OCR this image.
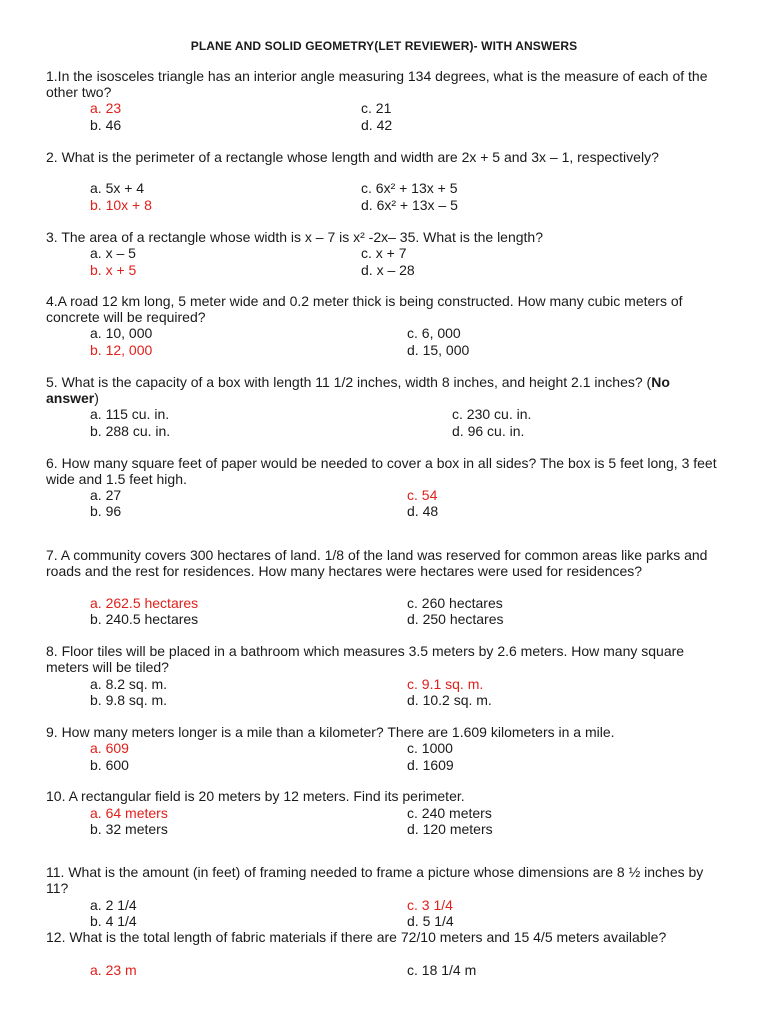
PLANE AND SOLID GEOMETRY(LET REVIEWER)- WITH ANSWERS
1.In the isosceles triangle has an interior angle measuring 134 degrees, what is the measure of each of the other two?
a. 23
b. 46
c. 21
d. 42
2. What is the perimeter of a rectangle whose length and width are 2x + 5 and 3x – 1, respectively?
a. 5x + 4
b. 10x + 8
c. 6x² + 13x + 5
d. 6x² + 13x – 5
3. The area of a rectangle whose width is x – 7 is x² -2x– 35. What is the length?
a. x – 5
b. x + 5
c. x + 7
d. x – 28
4.A road 12 km long, 5 meter wide and 0.2 meter thick is being constructed. How many cubic meters of concrete will be required?
a. 10, 000
b. 12, 000
c. 6, 000
d. 15, 000
5. What is the capacity of a box with length 11 1/2 inches, width 8 inches, and height 2.1 inches? (No answer)
a. 115 cu. in.
b. 288 cu. in.
c. 230 cu. in.
d. 96 cu. in.
6. How many square feet of paper would be needed to cover a box in all sides? The box is 5 feet long, 3 feet wide and 1.5 feet high.
a. 27
b. 96
c. 54
d. 48
7. A community covers 300 hectares of land. 1/8 of the land was reserved for common areas like parks and roads and the rest for residences. How many hectares were hectares were used for residences?
a. 262.5 hectares
b. 240.5 hectares
c. 260 hectares
d. 250 hectares
8. Floor tiles will be placed in a bathroom which measures 3.5 meters by 2.6 meters. How many square meters will be tiled?
a. 8.2 sq. m.
b. 9.8 sq. m.
c. 9.1 sq. m.
d. 10.2 sq. m.
9. How many meters longer is a mile than a kilometer? There are 1.609 kilometers in a mile.
a. 609
b. 600
c. 1000
d. 1609
10. A rectangular field is 20 meters by 12 meters. Find its perimeter.
a. 64 meters
b. 32 meters
c. 240 meters
d. 120 meters
11. What is the amount (in feet) of framing needed to frame a picture whose dimensions are 8 ½ inches by 11?
a. 2 1/4
b. 4 1/4
c. 3 1/4
d. 5 1/4
12. What is the total length of fabric materials if there are 72/10 meters and 15 4/5 meters available?
a. 23 m	c. 18 1/4 m
